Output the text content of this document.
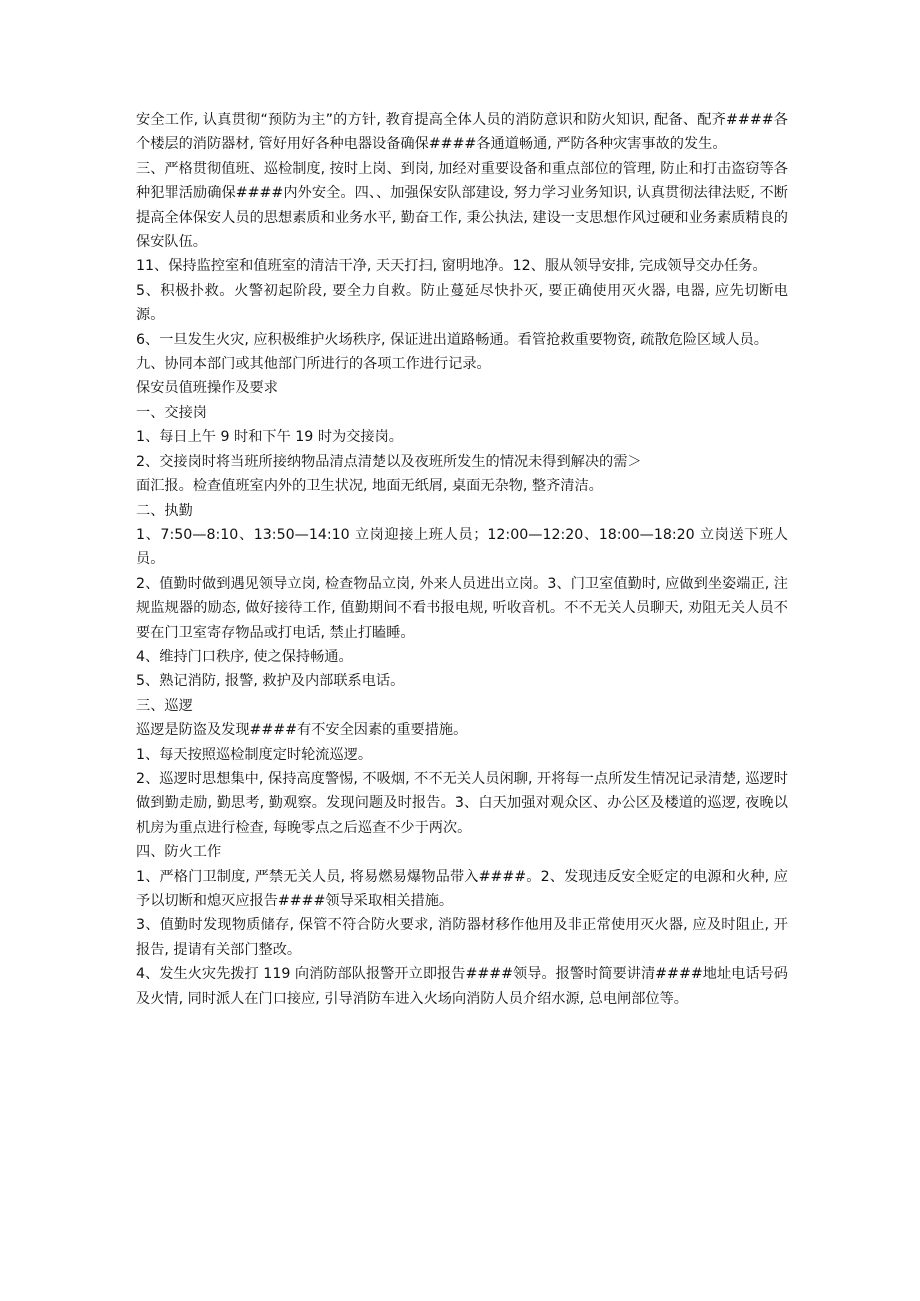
安全工作, 认真贯彻“预防为主”的方针, 教育提高全体人员的消防意识和防火知识, 配备、配齐####各个楼层的消防器材, 管好用好各种电器设备确保####各通道畅通, 严防各种灾害事故的发生。

三、严格贯彻值班、巡检制度, 按时上岗、到岗, 加经对重要设备和重点部位的管理, 防止和打击盗窃等各种犯罪活励确保####内外安全。四、、加强保安队部建设, 努力学习业务知识, 认真贯彻法律法贬, 不断提高全体保安人员的思想素质和业务水平, 勤奋工作, 秉公执法, 建设一支思想作风过硬和业务素质精良的保安队伍。

11、保持监控室和值班室的清洁干净, 天天打扫, 窗明地净。12、服从领导安排, 完成领导交办任务。

5、积极扑救。火警初起阶段, 要全力自救。防止蔓延尽快扑灭, 要正确使用灭火器, 电器, 应先切断电源。

6、一旦发生火灾, 应积极维护火场秩序, 保证进出道路畅通。看管抢救重要物资, 疏散危险区域人员。

九、协同本部门或其他部门所进行的各项工作进行记录。

保安员值班操作及要求

一、交接岗

1、每日上午 9 时和下午 19 时为交接岗。

2、交接岗时将当班所接纳物品清点清楚以及夜班所发生的情况未得到解决的需＞

面汇报。检查值班室内外的卫生状况, 地面无纸屑, 桌面无杂物, 整齐清洁。

二、执勤

1、7:50—8:10、13:50—14:10 立岗迎接上班人员；12:00—12:20、18:00—18:20 立岗送下班人员。

2、值勤时做到遇见领导立岗, 检查物品立岗, 外来人员进出立岗。3、门卫室值勤时, 应做到坐姿端正, 注规监规器的励态, 做好接待工作, 值勤期间不看书报电规, 听收音机。不不无关人员聊天, 劝阻无关人员不要在门卫室寄存物品或打电话, 禁止打瞌睡。

4、维持门口秩序, 使之保持畅通。

5、熟记消防, 报警, 救护及内部联系电话。

三、巡逻

巡逻是防盗及发现####有不安全因素的重要措施。

1、每天按照巡检制度定时轮流巡逻。

2、巡逻时思想集中, 保持高度警惕, 不吸烟, 不不无关人员闲聊, 开将每一点所发生情况记录清楚, 巡逻时做到勤走励, 勤思考, 勤观察。发现问题及时报告。3、白天加强对观众区、办公区及楼道的巡逻, 夜晚以机房为重点进行检查, 每晚零点之后巡查不少于两次。

四、防火工作

1、严格门卫制度, 严禁无关人员, 将易燃易爆物品带入####。2、发现违反安全贬定的电源和火种, 应予以切断和熄灭应报告####领导采取相关措施。

3、值勤时发现物质储存, 保管不符合防火要求, 消防器材移作他用及非正常使用灭火器, 应及时阻止, 开报告, 提请有关部门整改。

4、发生火灾先拨打 119 向消防部队报警开立即报告####领导。报警时简要讲清####地址电话号码及火情, 同时派人在门口接应, 引导消防车进入火场向消防人员介绍水源, 总电闸部位等。
